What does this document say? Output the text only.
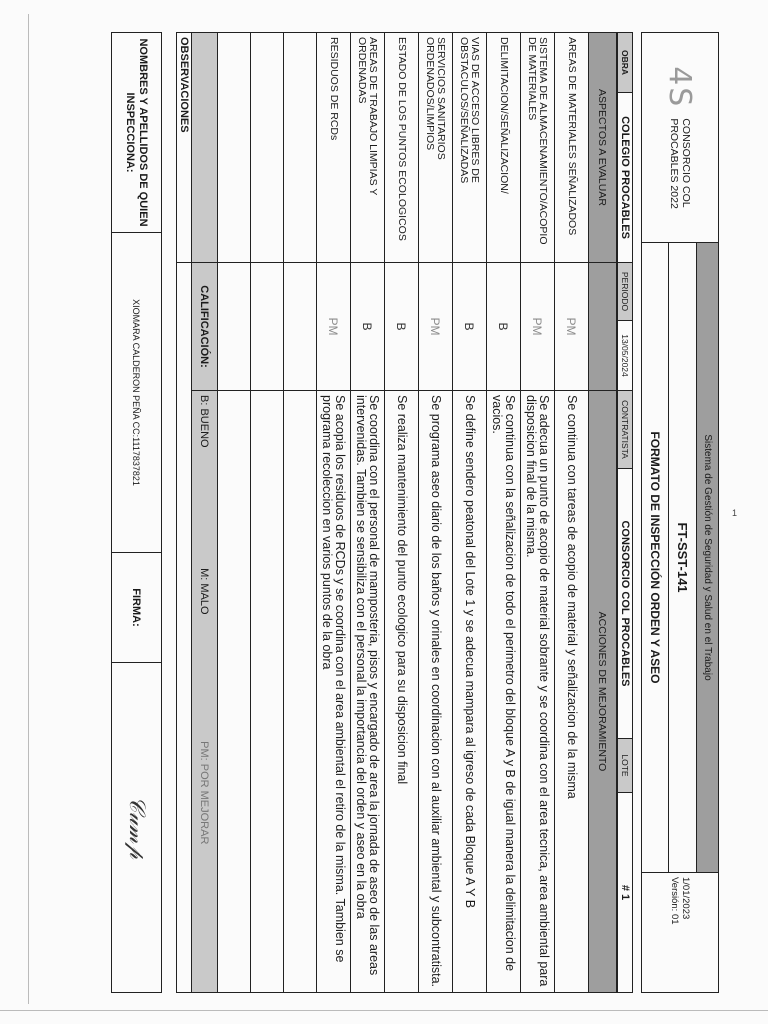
1
4S
CONSORCIO COL
PROCABLES 2022
	Sistema de Gestión de Seguridad y Salud en el Trabajo	
1/01/2023
Versión: 01

FT-SST-141
FORMATO DE INSPECCIÓN ORDEN Y ASEO
OBRA	COLEGIO PROCABLES	PERIODO	13/05/2024	CONTRATISTA	CONSORCIO COL PROCABLES	LOTE	# 1
ASPECTOS A EVALUAR		ACCIONES DE MEJORAMIENTO
AREAS DE MATERIALES SEÑALIZADOS	PM	Se continua con tareas de acopio de material y señalizacion de la misma
SISTEMA DE ALMACENAMIENTO/ACOPIO DE MATERIALES	PM	Se adecua un punto de acopio de material sobrante y se coordina con el area tecnica, area ambiental para disposicion final de la misma.
DELIMITACION/SEÑALIZACION/	B	Se continua con la señalizacion de todo el perimetro del bloque A y B de igual manera la delimitacion de vacios.
VIAS DE ACCESO LIBRES DE OBSTACULOS/SEÑALIZADAS	B	Se define sendero peatonal del Lote 1 y se adecua mampara al igreso de cada Bloque A Y B
SERVICIOS SANITARIOS ORDENADOS/LIMPIOS	PM	Se programa aseo diario de los baños y orinales en coordinacion con al auxiliar ambiental y subcontratista.
ESTADO DE LOS PUNTOS ECOLOGICOS	B	Se realiza mantenimiento del punto ecologico para su disposicion final
AREAS DE TRABAJO LIMPIAS Y ORDENADAS	B	Se coordina con el personal de mamposteria, pisos y encargado de area la jornada de aseo de las areas intervenidas. Tambien se sensibiliza con el personal la importancia del orden y aseo en la obra
RESIDUOS DE RCDs	PM	Se acopia los residuos de RCDs y se coordina con el area ambiental el retiro de la misma. Tambien se programa recoleccion en varios puntos de la obra

	CALIFICACIÓN:	B: BUENO M: MALO PM: POR MEJORAR
OBSERVACIONES		
NOMBRES Y APELLIDOS DE QUIEN INSPECCIONA:	XIOMARA CALDERON PEÑA CC:1117837821	FIRMA:	𝒞𝓊𝓂𝓅
